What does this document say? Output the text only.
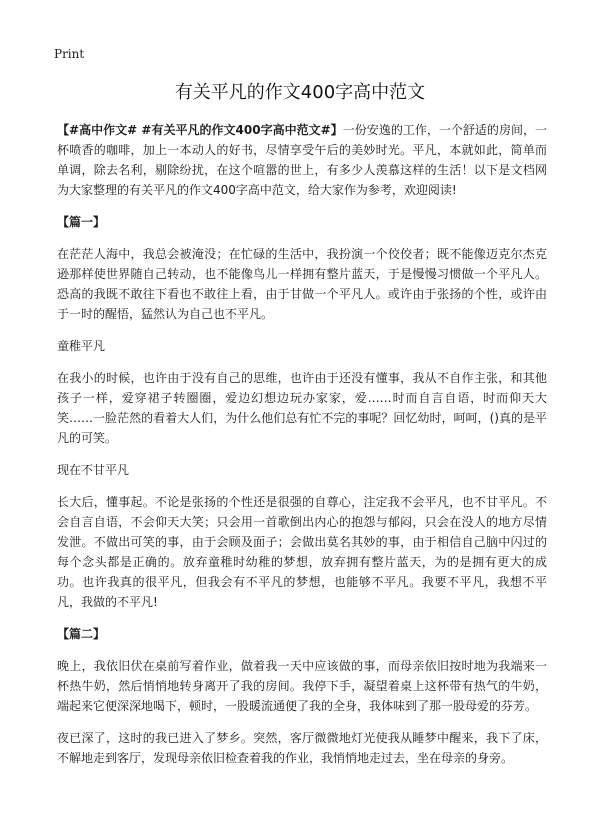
Print
有关平凡的作文400字高中范文

【#高中作文# #有关平凡的作文400字高中范文#】一份安逸的工作，一个舒适的房间，一杯喷香的咖啡，加上一本动人的好书，尽情享受午后的美妙时光。平凡，本就如此，简单而单调，除去名利，剔除纷扰，在这个喧嚣的世上，有多少人羡慕这样的生活！以下是文档网为大家整理的有关平凡的作文400字高中范文，给大家作为参考，欢迎阅读!

【篇一】

在茫茫人海中，我总会被淹没；在忙碌的生活中，我扮演一个佼佼者；既不能像迈克尔杰克逊那样使世界随自己转动，也不能像鸟儿一样拥有整片蓝天，于是慢慢习惯做一个平凡人。恐高的我既不敢往下看也不敢往上看，由于甘做一个平凡人。或许由于张扬的个性，或许由于一时的醒悟，猛然认为自己也不平凡。

童稚平凡

在我小的时候，也许由于没有自己的思维，也许由于还没有懂事，我从不自作主张，和其他孩子一样，爱穿裙子转圈圈，爱边幻想边玩办家家，爱……时而自言自语，时而仰天大笑……一脸茫然的看着大人们，为什么他们总有忙不完的事呢？回忆幼时，呵呵，()真的是平凡的可笑。

现在不甘平凡

长大后，懂事起。不论是张扬的个性还是很强的自尊心，注定我不会平凡，也不甘平凡。不会自言自语，不会仰天大笑；只会用一首歌倒出内心的抱怨与郁闷，只会在没人的地方尽情发泄。不做出可笑的事，由于会顾及面子；会做出莫名其妙的事，由于相信自己脑中闪过的每个念头都是正确的。放弃童稚时幼稚的梦想，放弃拥有整片蓝天，为的是拥有更大的成功。也许我真的很平凡，但我会有不平凡的梦想，也能够不平凡。我要不平凡，我想不平凡，我做的不平凡!

【篇二】

晚上，我依旧伏在桌前写着作业，做着我一天中应该做的事，而母亲依旧按时地为我端来一杯热牛奶，然后悄悄地转身离开了我的房间。我停下手，凝望着桌上这杯带有热气的牛奶，端起来它便深深地喝下，顿时，一股暖流通便了我的全身，我体味到了那一股母爱的芬芳。

夜已深了，这时的我已进入了梦乡。突然，客厅微微地灯光使我从睡梦中醒来，我下了床，不解地走到客厅，发现母亲依旧检查着我的作业，我悄悄地走过去，坐在母亲的身旁。
